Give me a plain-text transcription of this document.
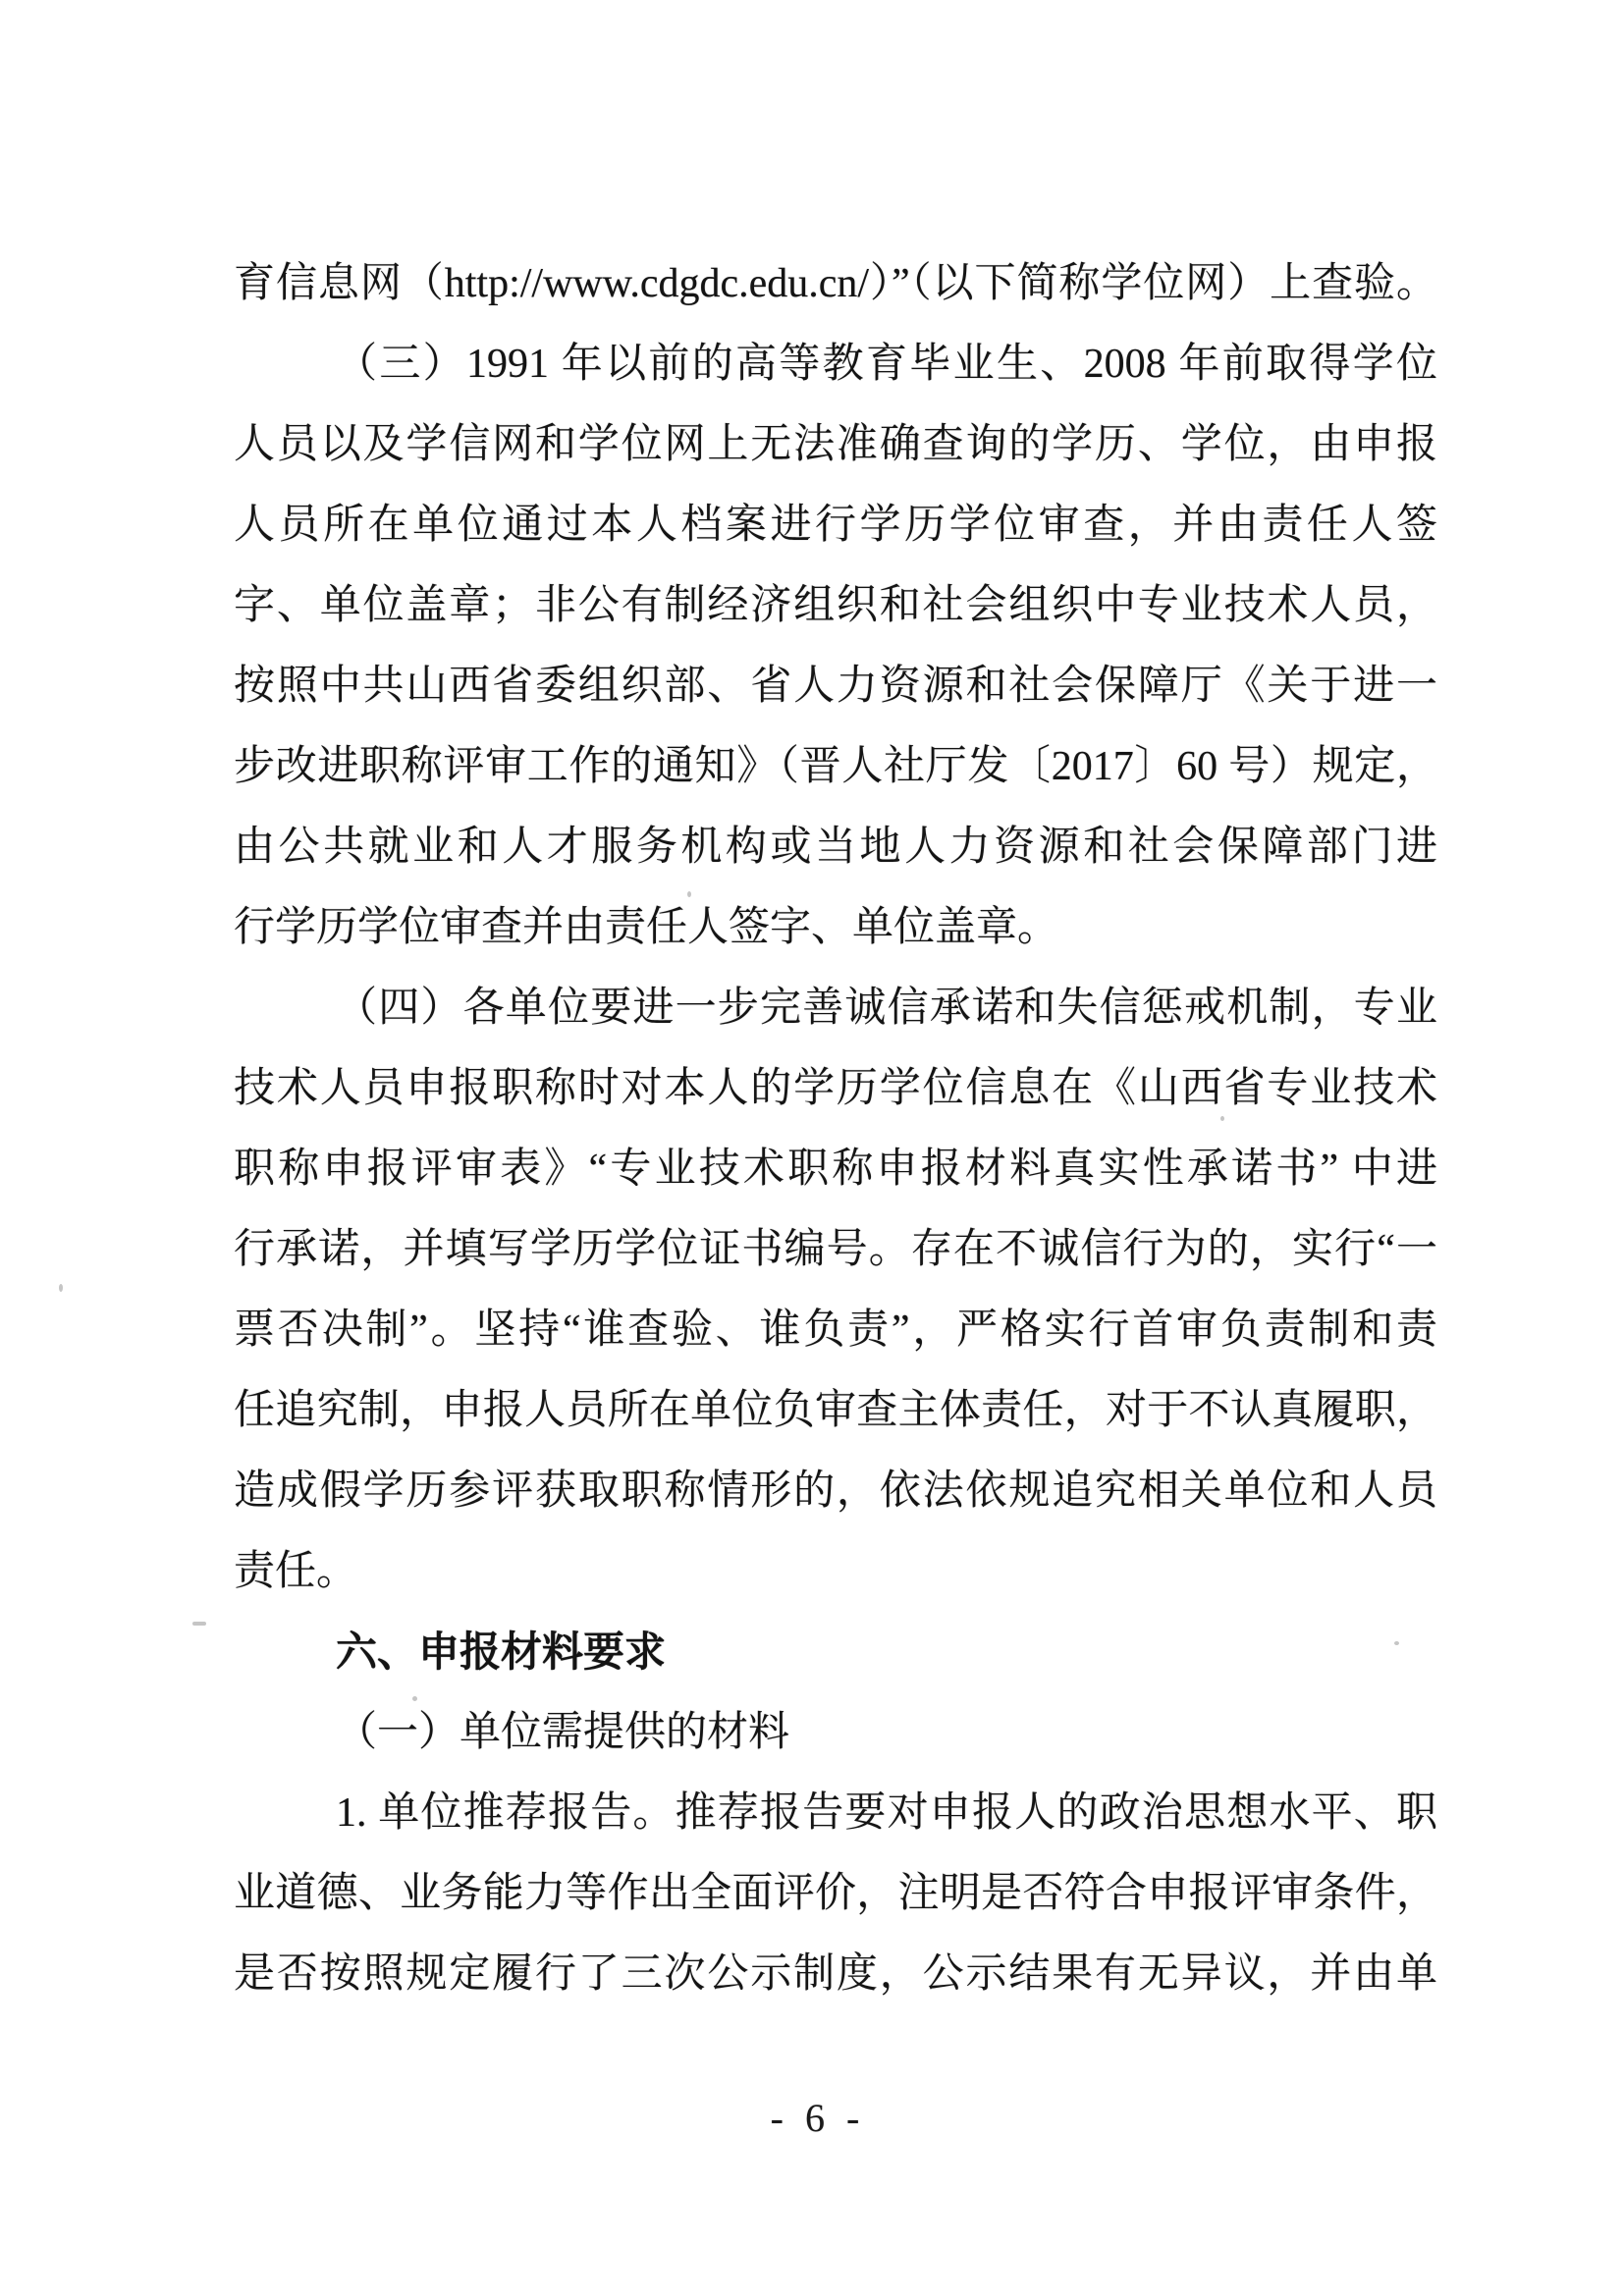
育信息网（http://www.cdgdc.edu.cn/）”（以下简称学位网）上查验。
（三）1991 年以前的高等教育毕业生、2008 年前取得学位
人员以及学信网和学位网上无法准确查询的学历、学位，由申报
人员所在单位通过本人档案进行学历学位审查，并由责任人签
字、单位盖章；非公有制经济组织和社会组织中专业技术人员，
按照中共山西省委组织部、省人力资源和社会保障厅《关于进一
步改进职称评审工作的通知》（晋人社厅发〔2017〕60 号）规定，
由公共就业和人才服务机构或当地人力资源和社会保障部门进
行学历学位审查并由责任人签字、单位盖章。
（四）各单位要进一步完善诚信承诺和失信惩戒机制，专业
技术人员申报职称时对本人的学历学位信息在《山西省专业技术
职称申报评审表》“专业技术职称申报材料真实性承诺书” 中进
行承诺，并填写学历学位证书编号。存在不诚信行为的，实行“一
票否决制”。坚持“谁查验、谁负责”，严格实行首审负责制和责
任追究制，申报人员所在单位负审查主体责任，对于不认真履职，
造成假学历参评获取职称情形的，依法依规追究相关单位和人员
责任。
六、申报材料要求
（一）单位需提供的材料
1. 单位推荐报告。推荐报告要对申报人的政治思想水平、职
业道德、业务能力等作出全面评价，注明是否符合申报评审条件，
是否按照规定履行了三次公示制度，公示结果有无异议，并由单
- 6 -
